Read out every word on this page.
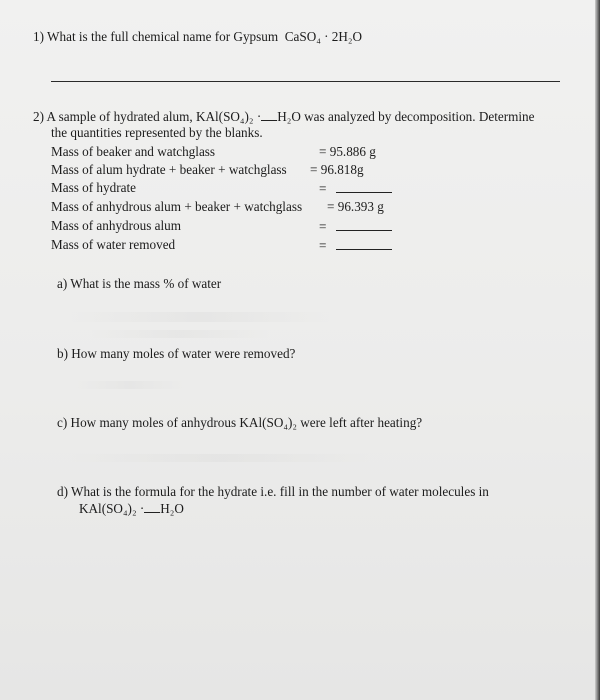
1) What is the full chemical name for Gypsum CaSO₄ · 2H₂O
2) A sample of hydrated alum, KAl(SO₄)₂ · H₂O was analyzed by decomposition. Determine
the quantities represented by the blanks.
Mass of beaker and watchglass	= 95.886 g
Mass of alum hydrate + beaker + watchglass = 96.818g
Mass of hydrate	=
Mass of anhydrous alum + beaker + watchglass = 96.393 g
Mass of anhydrous alum	=
Mass of water removed	=
a) What is the mass % of water
b) How many moles of water were removed?
c) How many moles of anhydrous KAl(SO₄)₂ were left after heating?
d) What is the formula for the hydrate i.e. fill in the number of water molecules in
KAl(SO₄)₂ · H₂O
